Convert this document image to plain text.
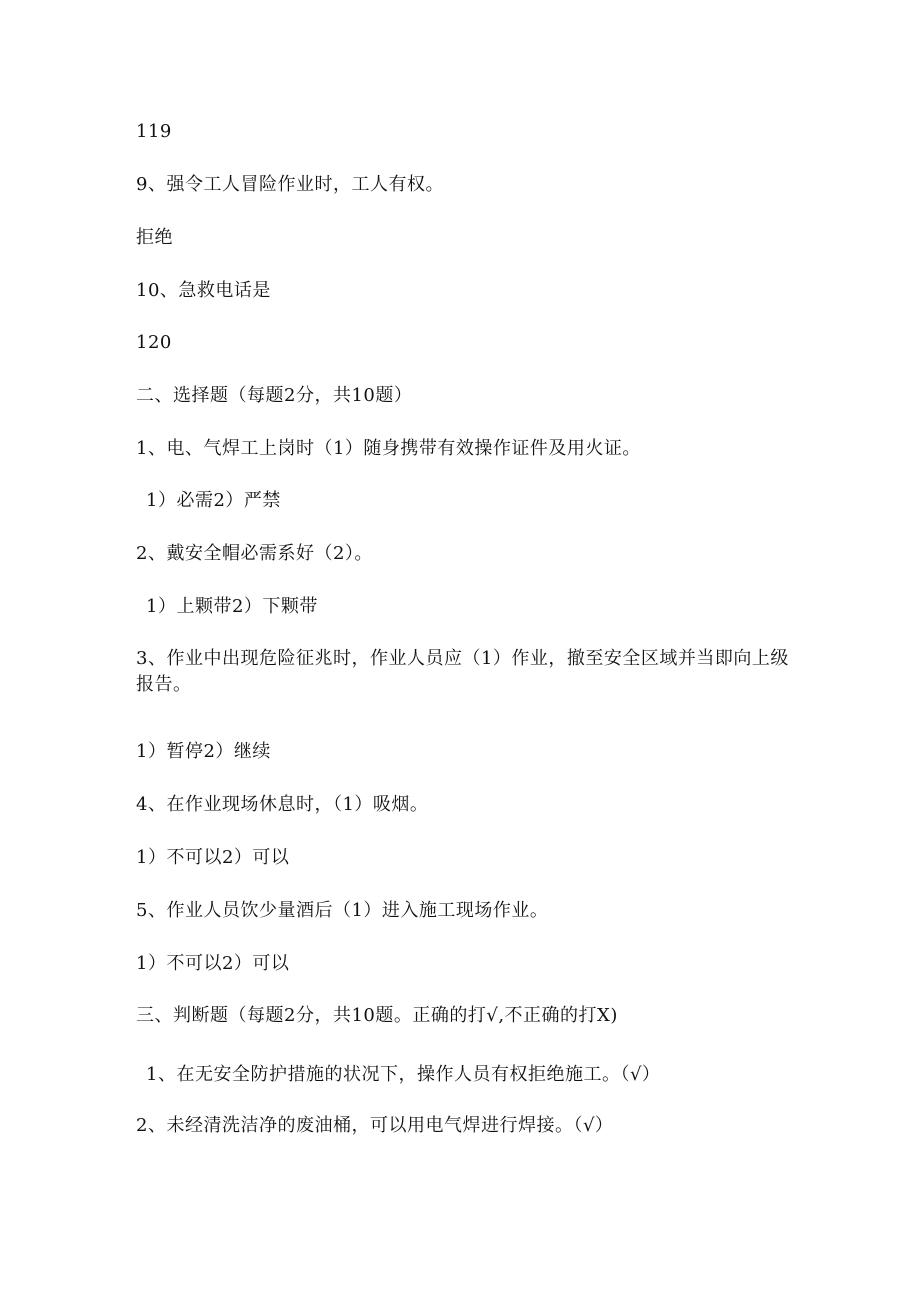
119
9、强令工人冒险作业时，工人有权。
拒绝
10、急救电话是
120
二、选择题（每题2分，共10题）
1、电、气焊工上岗时（1）随身携带有效操作证件及用火证。
1）必需2）严禁
2、戴安全帽必需系好（2）。
1）上颗带2）下颗带
3、作业中出现危险征兆时，作业人员应（1）作业，撤至安全区域并当即向上级报告。
1）暂停2）继续
4、在作业现场休息时，（1）吸烟。
1）不可以2）可以
5、作业人员饮少量酒后（1）进入施工现场作业。
1）不可以2）可以
三、判断题（每题2分，共10题。正确的打√,不正确的打X)
1、在无安全防护措施的状况下，操作人员有权拒绝施工。（√）
2、未经清洗洁净的废油桶，可以用电气焊进行焊接。（√）
